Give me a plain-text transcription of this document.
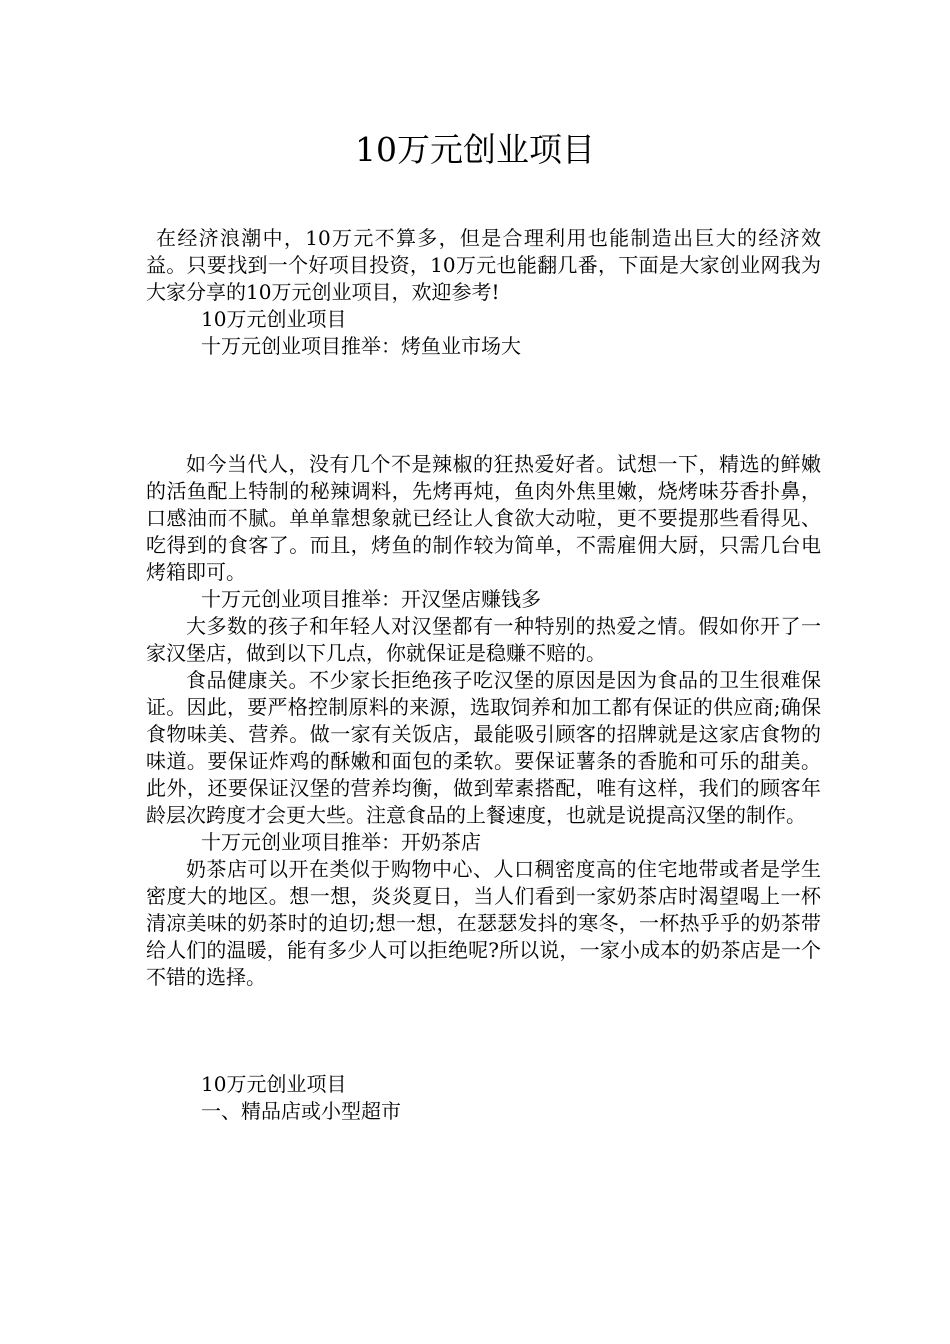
10万元创业项目

在经济浪潮中，10万元不算多，但是合理利用也能制造出巨大的经济效益。只要找到一个好项目投资，10万元也能翻几番，下面是大家创业网我为大家分享的10万元创业项目，欢迎参考!

10万元创业项目

十万元创业项目推举：烤鱼业市场大

如今当代人，没有几个不是辣椒的狂热爱好者。试想一下，精选的鲜嫩的活鱼配上特制的秘辣调料，先烤再炖，鱼肉外焦里嫩，烧烤味芬香扑鼻，口感油而不腻。单单靠想象就已经让人食欲大动啦，更不要提那些看得见、吃得到的食客了。而且，烤鱼的制作较为简单，不需雇佣大厨，只需几台电烤箱即可。

十万元创业项目推举：开汉堡店赚钱多

大多数的孩子和年轻人对汉堡都有一种特别的热爱之情。假如你开了一家汉堡店，做到以下几点，你就保证是稳赚不赔的。

食品健康关。不少家长拒绝孩子吃汉堡的原因是因为食品的卫生很难保证。因此，要严格控制原料的来源，选取饲养和加工都有保证的供应商;确保食物味美、营养。做一家有关饭店，最能吸引顾客的招牌就是这家店食物的味道。要保证炸鸡的酥嫩和面包的柔软。要保证薯条的香脆和可乐的甜美。此外，还要保证汉堡的营养均衡，做到荤素搭配，唯有这样，我们的顾客年龄层次跨度才会更大些。注意食品的上餐速度，也就是说提高汉堡的制作。

十万元创业项目推举：开奶茶店

奶茶店可以开在类似于购物中心、人口稠密度高的住宅地带或者是学生密度大的地区。想一想，炎炎夏日，当人们看到一家奶茶店时渴望喝上一杯清凉美味的奶茶时的迫切;想一想，在瑟瑟发抖的寒冬，一杯热乎乎的奶茶带给人们的温暖，能有多少人可以拒绝呢?所以说，一家小成本的奶茶店是一个不错的选择。

10万元创业项目

一、精品店或小型超市
